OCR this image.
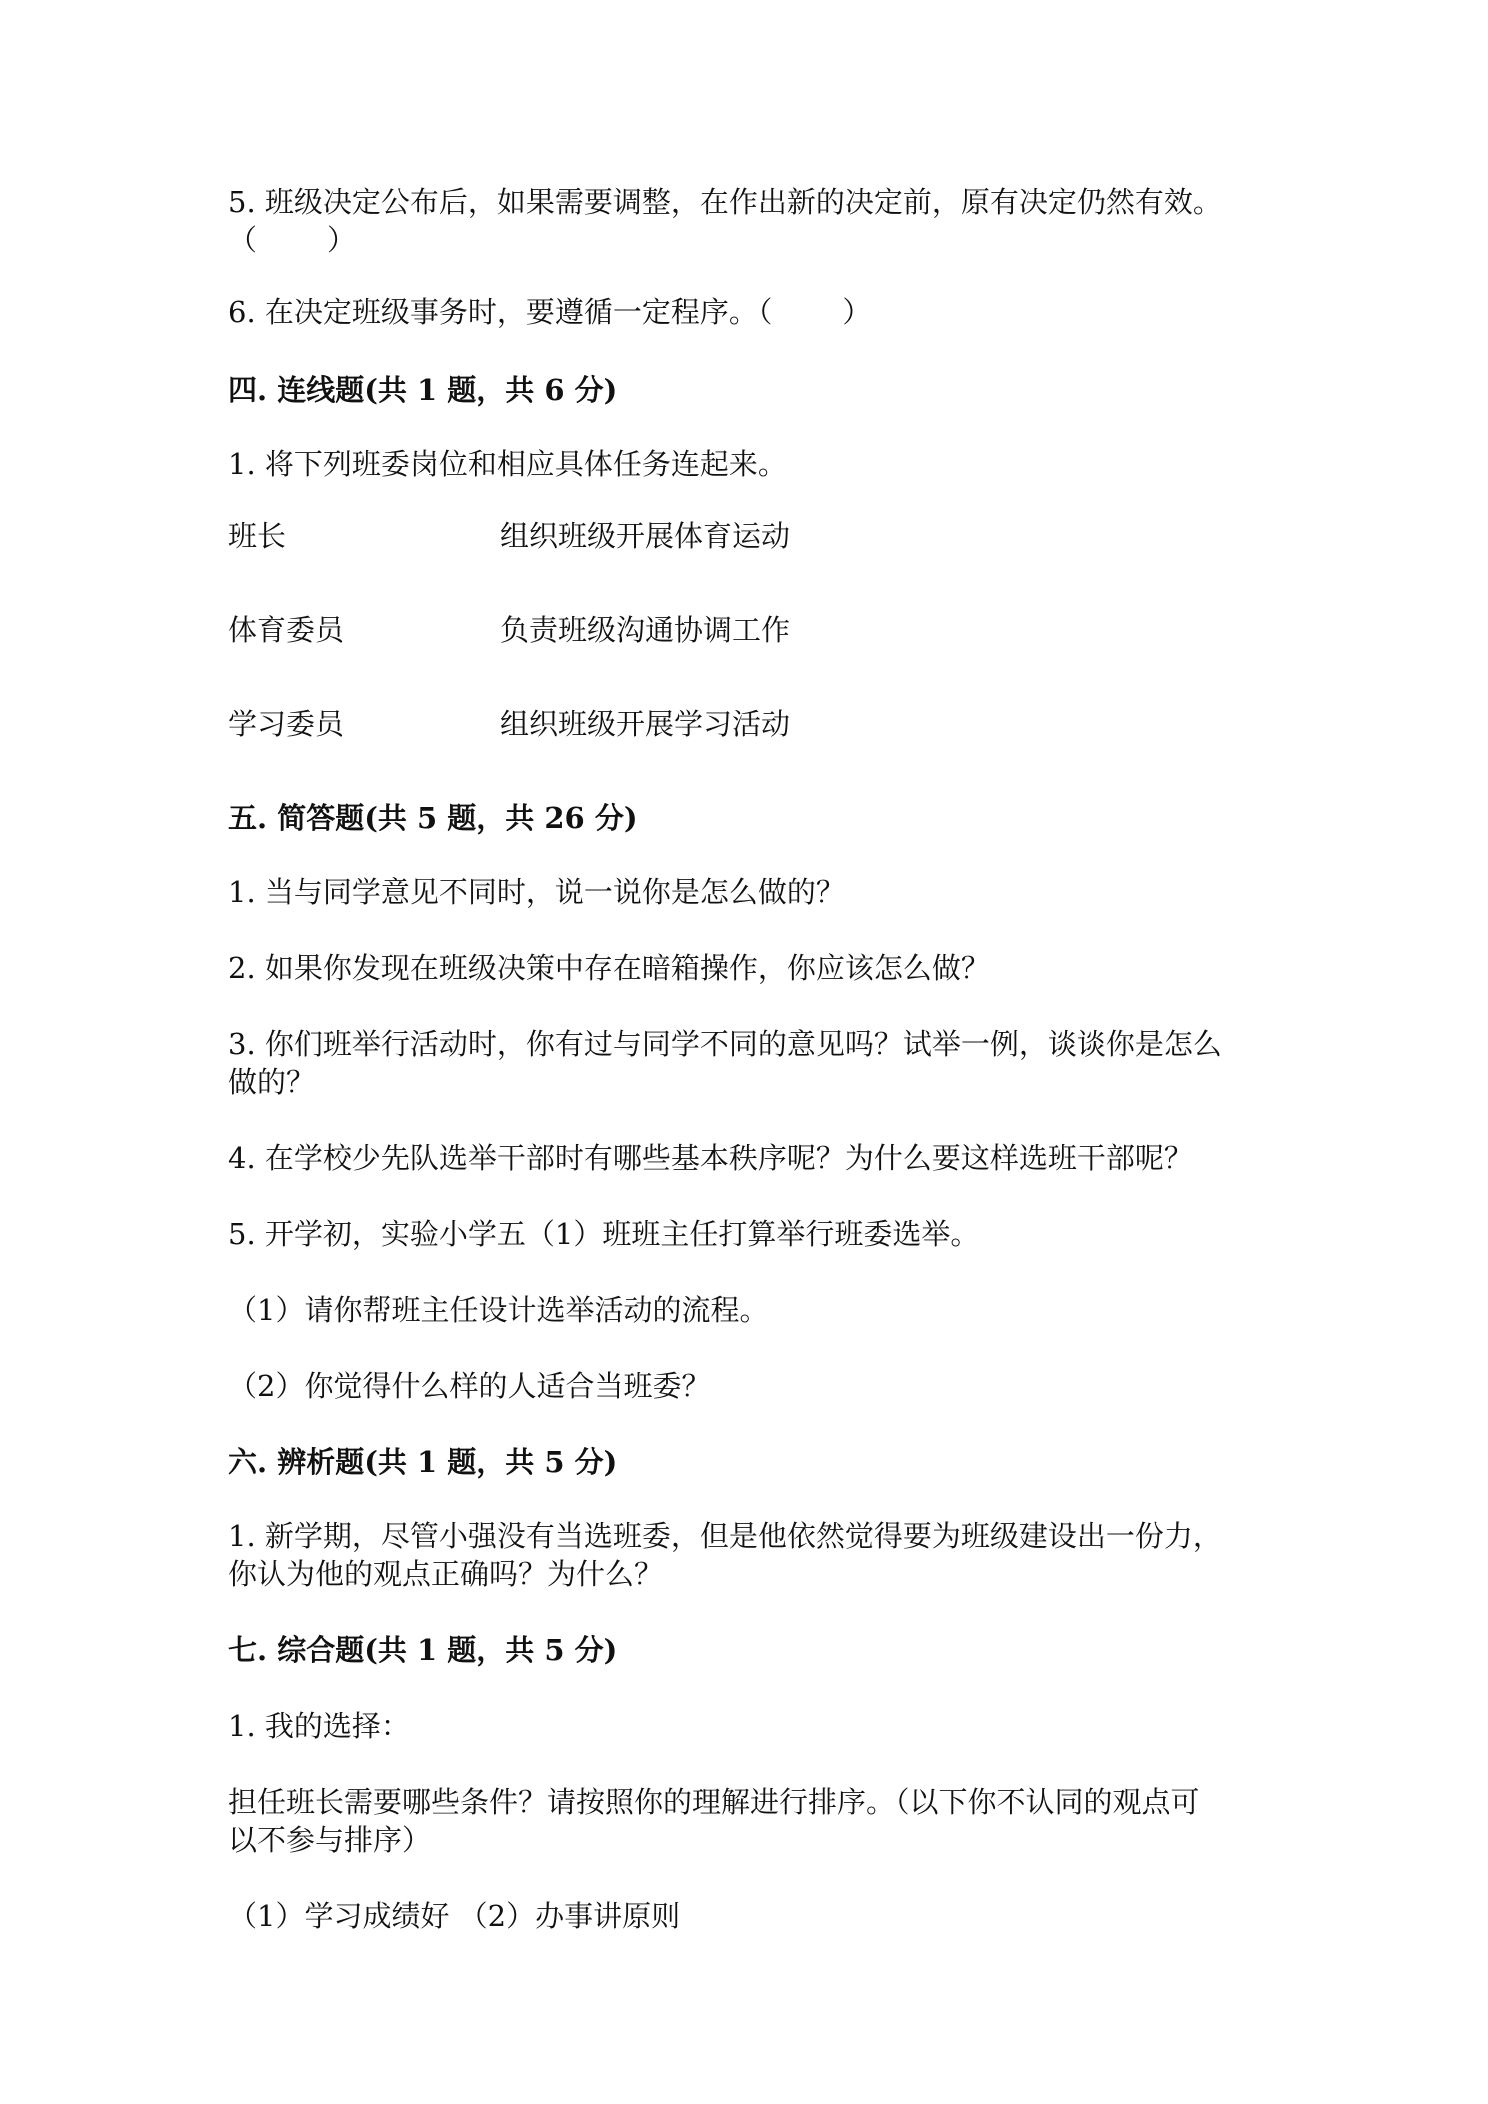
5. 班级决定公布后，如果需要调整，在作出新的决定前，原有决定仍然有效。
（ ）
6. 在决定班级事务时，要遵循一定程序。（ ）
四. 连线题(共 1 题，共 6 分)
1. 将下列班委岗位和相应具体任务连起来。
班长	组织班级开展体育运动
体育委员	负责班级沟通协调工作
学习委员	组织班级开展学习活动
五. 简答题(共 5 题，共 26 分)
1. 当与同学意见不同时，说一说你是怎么做的？
2. 如果你发现在班级决策中存在暗箱操作，你应该怎么做？
3. 你们班举行活动时，你有过与同学不同的意见吗？试举一例，谈谈你是怎么
做的？
4. 在学校少先队选举干部时有哪些基本秩序呢？为什么要这样选班干部呢？
5. 开学初，实验小学五（1）班班主任打算举行班委选举。
（1）请你帮班主任设计选举活动的流程。
（2）你觉得什么样的人适合当班委？
六. 辨析题(共 1 题，共 5 分)
1. 新学期，尽管小强没有当选班委，但是他依然觉得要为班级建设出一份力，
你认为他的观点正确吗？为什么？
七. 综合题(共 1 题，共 5 分)
1. 我的选择：
担任班长需要哪些条件？请按照你的理解进行排序。（以下你不认同的观点可
以不参与排序）
（1）学习成绩好 （2）办事讲原则
